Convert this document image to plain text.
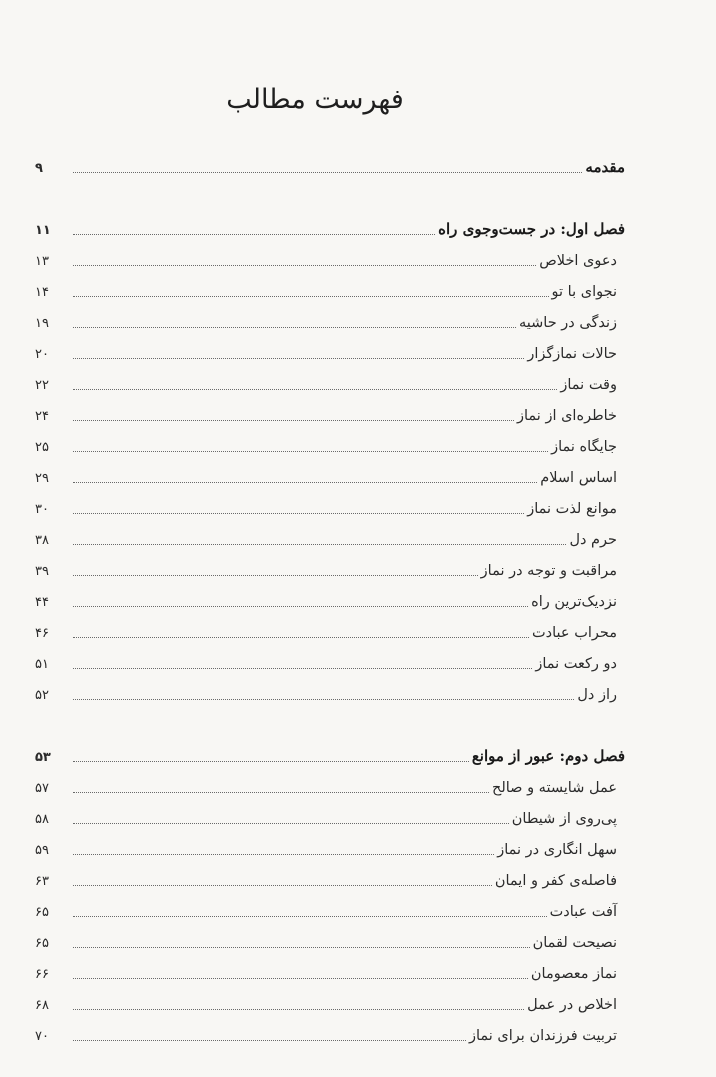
فهرست مطالب
مقدمه
۹
فصل اول: در جست‌وجوی راه
۱۱
دعوی اخلاص
۱۳
نجوای با تو
۱۴
زندگی در حاشیه
۱۹
حالات نمازگزار
۲۰
وقت نماز
۲۲
خاطره‌ای از نماز
۲۴
جایگاه نماز
۲۵
اساس اسلام
۲۹
موانع لذت نماز
۳۰
حرم دل
۳۸
مراقبت و توجه در نماز
۳۹
نزدیک‌ترین راه
۴۴
محراب عبادت
۴۶
دو رکعت نماز
۵۱
راز دل
۵۲
فصل دوم: عبور از موانع
۵۳
عمل شایسته و صالح
۵۷
پی‌روی از شیطان
۵۸
سهل انگاری در نماز
۵۹
فاصله‌ی کفر و ایمان
۶۳
آفت عبادت
۶۵
نصیحت لقمان
۶۵
نماز معصومان
۶۶
اخلاص در عمل
۶۸
تربیت فرزندان برای نماز
۷۰
